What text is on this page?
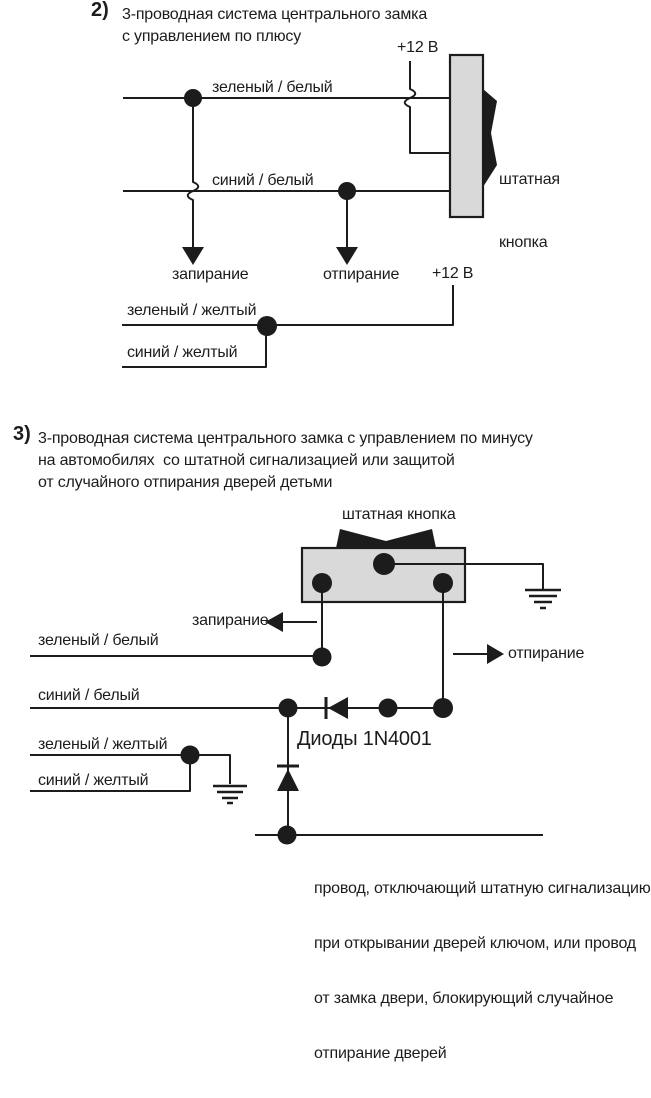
2) 3-проводная система центрального замка
с управлением по плюсу
+12 В
зеленый / белый
синий / белый
запирание	отпирание +12 В
зеленый / желтый
синий / желтый

штатная

кнопка

3) 3-проводная система центрального замка с управлением по минусу
на автомобилях  со штатной сигнализацией или защитой
от случайного отпирания дверей детьми
штатная кнопка
запирание
отпирание
зеленый / белый
синий / белый
зеленый / желтый
синий / желтый
Диоды 1N4001

провод, отключающий штатную сигнализацию

при открывании дверей ключом, или провод

от замка двери, блокирующий случайное

отпирание дверей
